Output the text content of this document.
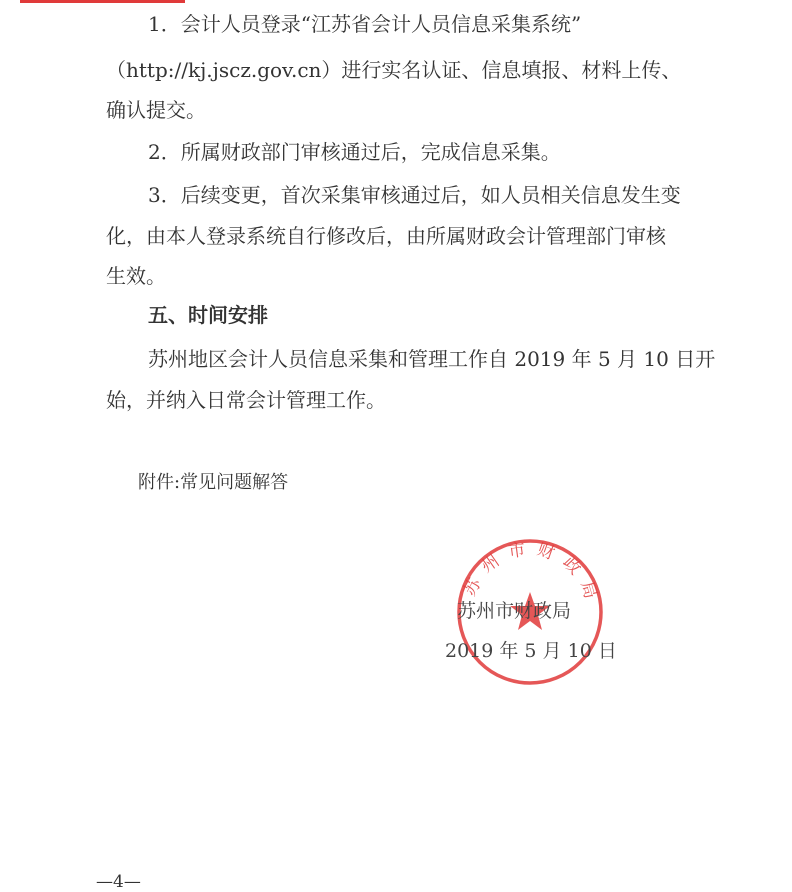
1．会计人员登录“江苏省会计人员信息采集系统”
（http://kj.jscz.gov.cn）进行实名认证、信息填报、材料上传、
确认提交。
2．所属财政部门审核通过后，完成信息采集。
3．后续变更，首次采集审核通过后，如人员相关信息发生变
化，由本人登录系统自行修改后，由所属财政会计管理部门审核
生效。
五、时间安排
苏州地区会计人员信息采集和管理工作自 2019 年 5 月 10 日开
始，并纳入日常会计管理工作。
附件:常见问题解答
苏州市财政局
苏州市财政局
2019 年 5 月 10 日
—4—
